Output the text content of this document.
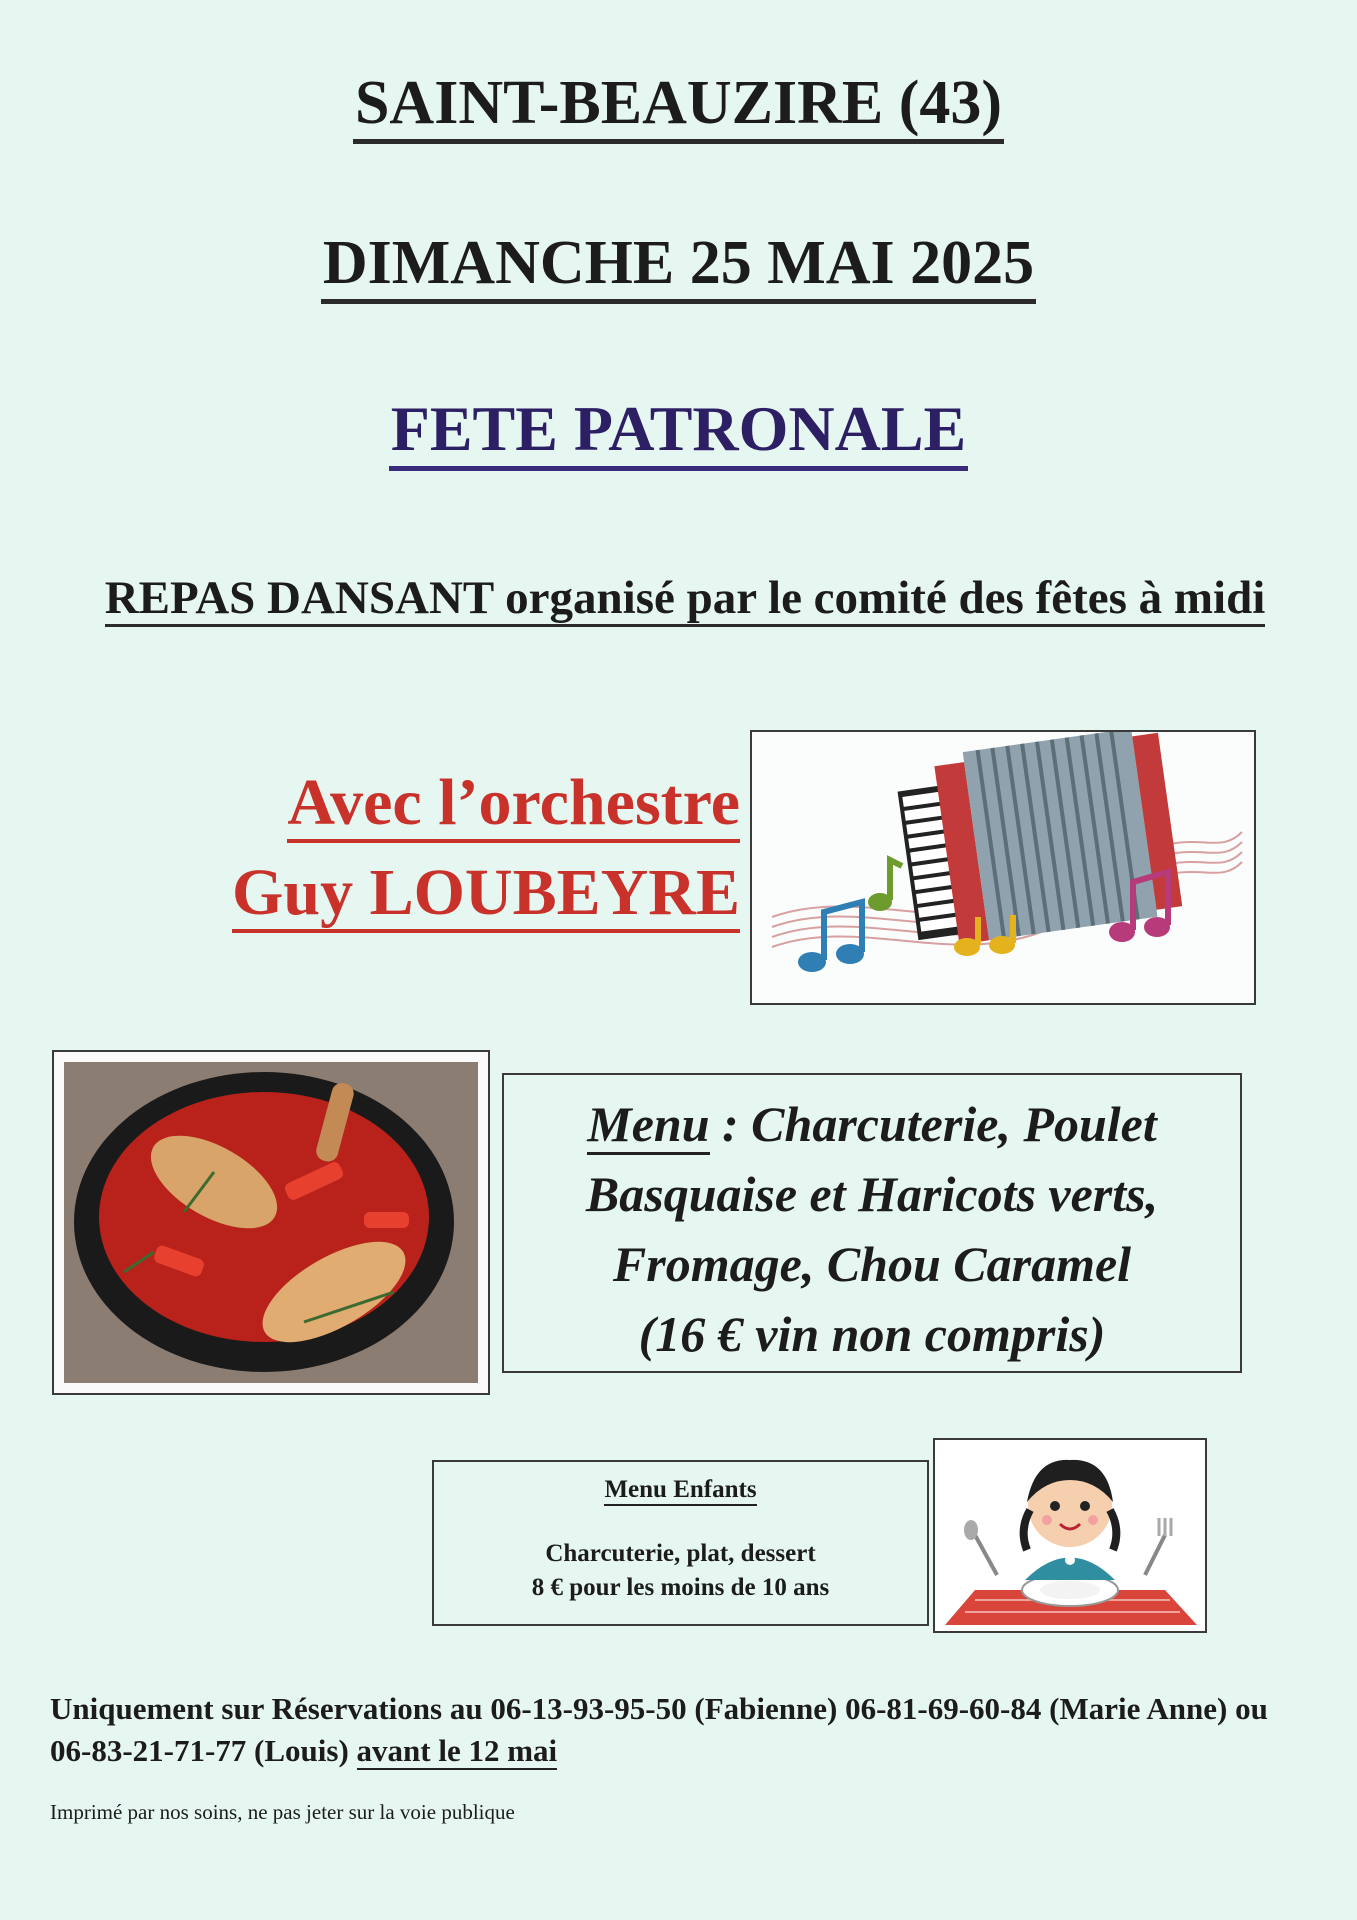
SAINT-BEAUZIRE (43)
DIMANCHE 25 MAI 2025
FETE PATRONALE
REPAS DANSANT organisé par le comité des fêtes à midi
Avec l’orchestre
Guy LOUBEYRE
Menu : Charcuterie, Poulet Basquaise et Haricots verts, Fromage, Chou Caramel
(16 € vin non compris)
Menu Enfants
Charcuterie, plat, dessert
8 € pour les moins de 10 ans
Uniquement sur Réservations au 06-13-93-95-50 (Fabienne) 06-81-69-60-84 (Marie Anne) ou 06-83-21-71-77 (Louis) avant le 12 mai
Imprimé par nos soins, ne pas jeter sur la voie publique
